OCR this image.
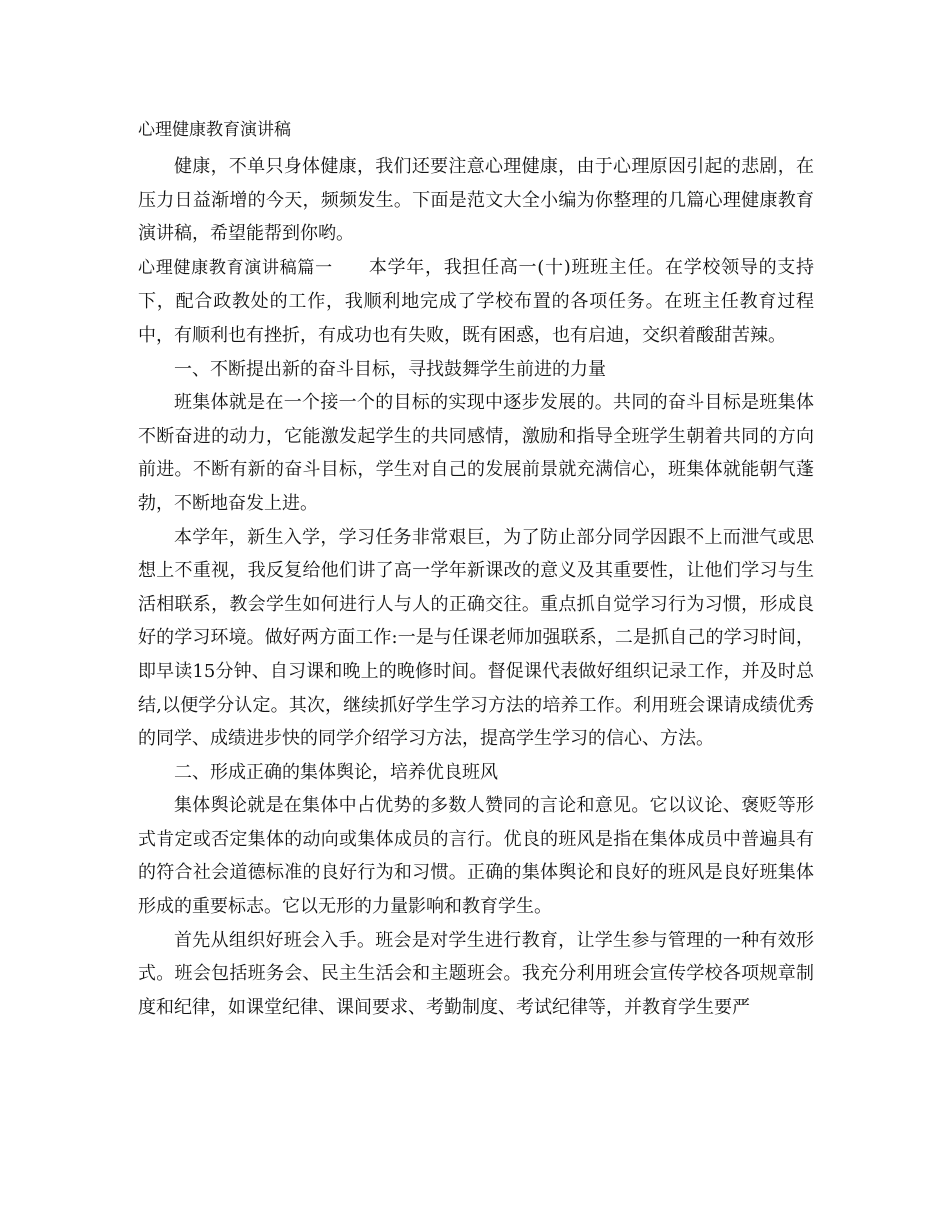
心理健康教育演讲稿

健康，不单只身体健康，我们还要注意心理健康，由于心理原因引起的悲剧，在压力日益渐增的今天，频频发生。下面是范文大全小编为你整理的几篇心理健康教育演讲稿，希望能帮到你哟。

心理健康教育演讲稿篇一 本学年，我担任高一(十)班班主任。在学校领导的支持下，配合政教处的工作，我顺利地完成了学校布置的各项任务。在班主任教育过程中，有顺利也有挫折，有成功也有失败，既有困惑，也有启迪，交织着酸甜苦辣。

一、不断提出新的奋斗目标，寻找鼓舞学生前进的力量

班集体就是在一个接一个的目标的实现中逐步发展的。共同的奋斗目标是班集体不断奋进的动力，它能激发起学生的共同感情，激励和指导全班学生朝着共同的方向前进。不断有新的奋斗目标，学生对自己的发展前景就充满信心，班集体就能朝气蓬勃，不断地奋发上进。

本学年，新生入学，学习任务非常艰巨，为了防止部分同学因跟不上而泄气或思想上不重视，我反复给他们讲了高一学年新课改的意义及其重要性，让他们学习与生活相联系，教会学生如何进行人与人的正确交往。重点抓自觉学习行为习惯，形成良好的学习环境。做好两方面工作:一是与任课老师加强联系，二是抓自己的学习时间，即早读15分钟、自习课和晚上的晚修时间。督促课代表做好组织记录工作，并及时总结,以便学分认定。其次，继续抓好学生学习方法的培养工作。利用班会课请成绩优秀的同学、成绩进步快的同学介绍学习方法，提高学生学习的信心、方法。

二、形成正确的集体舆论，培养优良班风

集体舆论就是在集体中占优势的多数人赞同的言论和意见。它以议论、褒贬等形式肯定或否定集体的动向或集体成员的言行。优良的班风是指在集体成员中普遍具有的符合社会道德标准的良好行为和习惯。正确的集体舆论和良好的班风是良好班集体形成的重要标志。它以无形的力量影响和教育学生。

首先从组织好班会入手。班会是对学生进行教育，让学生参与管理的一种有效形式。班会包括班务会、民主生活会和主题班会。我充分利用班会宣传学校各项规章制度和纪律，如课堂纪律、课间要求、考勤制度、考试纪律等，并教育学生要严
